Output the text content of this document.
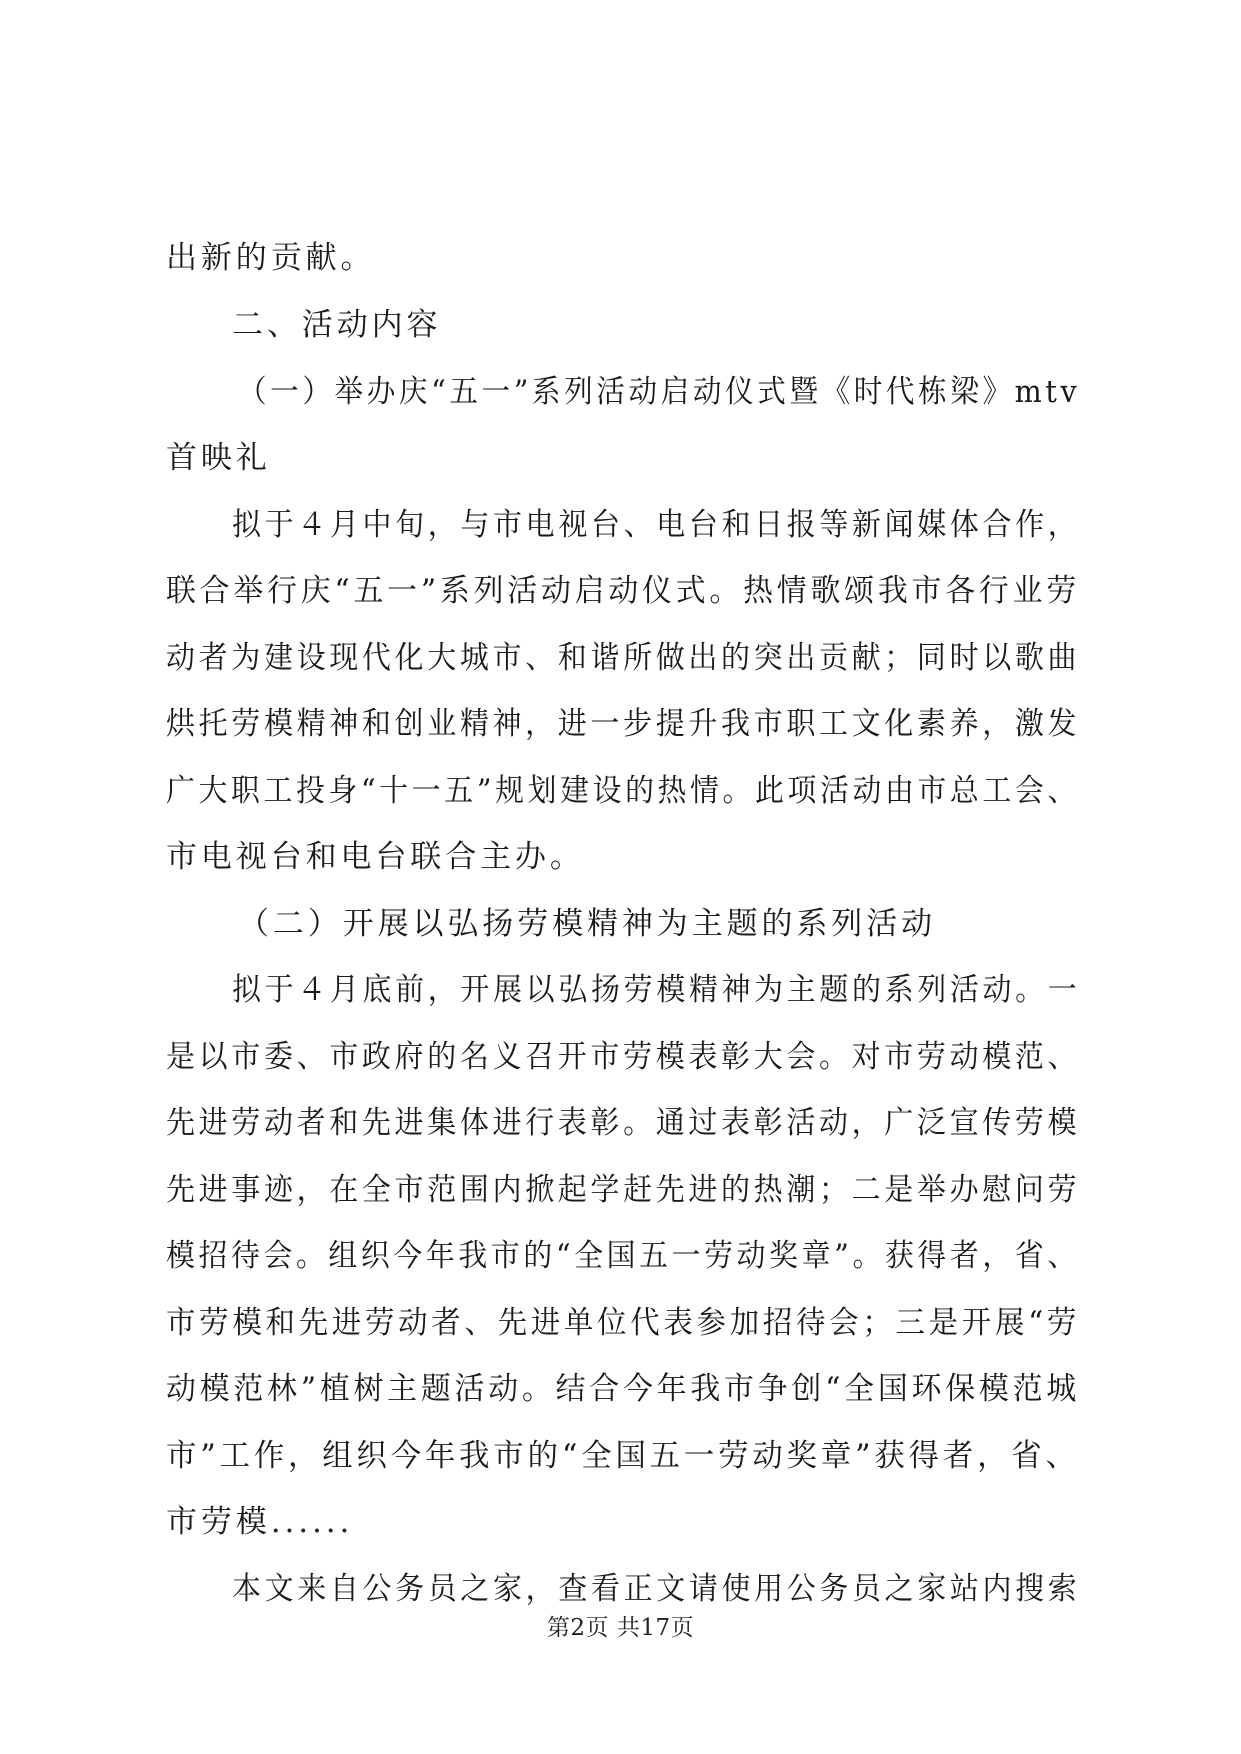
出新的贡献。
二、活动内容
（一）举办庆“五一”系列活动启动仪式暨《时代栋梁》mtv
首映礼
拟于４月中旬，与市电视台、电台和日报等新闻媒体合作，
联合举行庆“五一”系列活动启动仪式。热情歌颂我市各行业劳
动者为建设现代化大城市、和谐所做出的突出贡献；同时以歌曲
烘托劳模精神和创业精神，进一步提升我市职工文化素养，激发
广大职工投身“十一五”规划建设的热情。此项活动由市总工会、
市电视台和电台联合主办。
（二）开展以弘扬劳模精神为主题的系列活动
拟于４月底前，开展以弘扬劳模精神为主题的系列活动。一
是以市委、市政府的名义召开市劳模表彰大会。对市劳动模范、
先进劳动者和先进集体进行表彰。通过表彰活动，广泛宣传劳模
先进事迹，在全市范围内掀起学赶先进的热潮；二是举办慰问劳
模招待会。组织今年我市的“全国五一劳动奖章”。获得者，省、
市劳模和先进劳动者、先进单位代表参加招待会；三是开展“劳
动模范林”植树主题活动。结合今年我市争创“全国环保模范城
市”工作，组织今年我市的“全国五一劳动奖章”获得者，省、
市劳模......
本文来自公务员之家，查看正文请使用公务员之家站内搜索
第2页 共17页
